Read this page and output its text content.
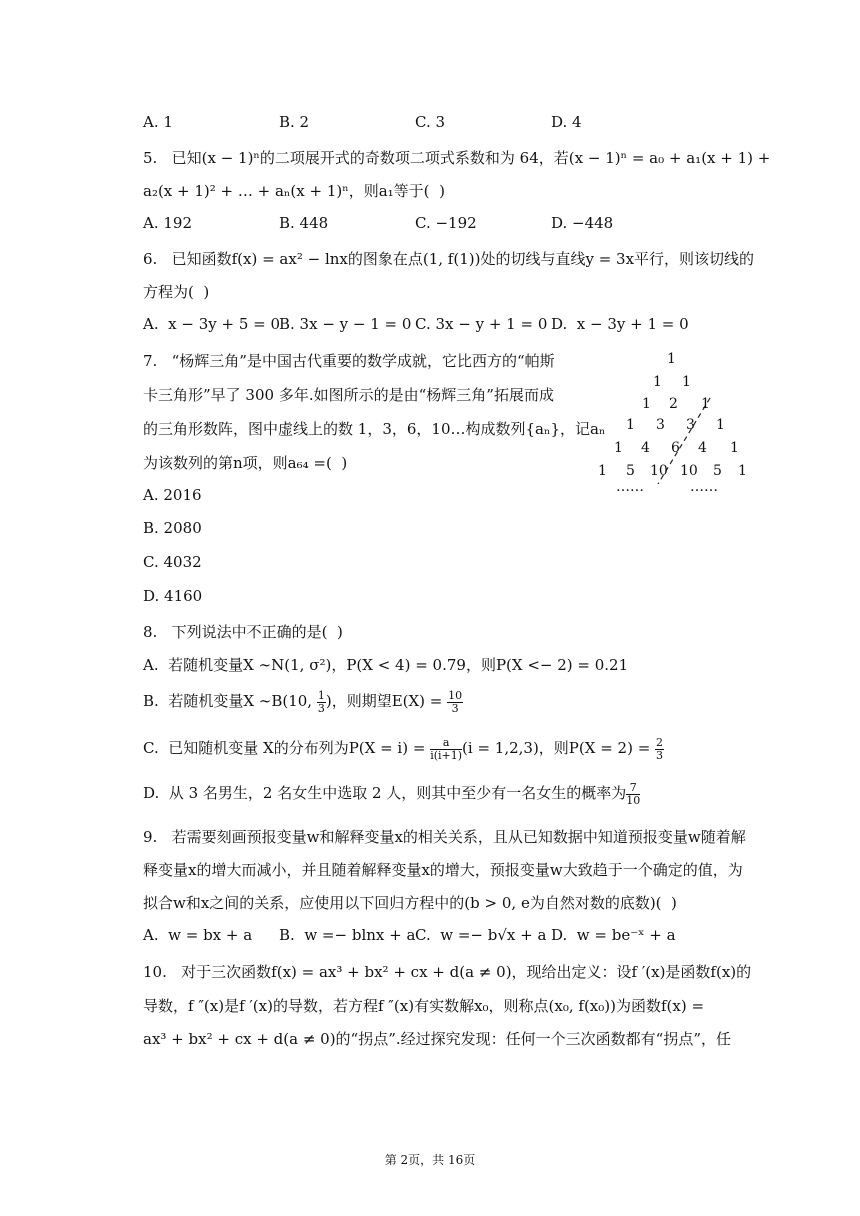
A. 1	B. 2	C. 3	D. 4
5.   已知(x − 1)ⁿ的二项展开式的奇数项二项式系数和为 64，若(x − 1)ⁿ = a₀ + a₁(x + 1) +
a₂(x + 1)² + … + aₙ(x + 1)ⁿ，则a₁等于(  )
A. 192	B. 448	C. −192	D. −448
6.   已知函数f(x) = ax² − lnx的图象在点(1, f(1))处的切线与直线y = 3x平行，则该切线的
方程为(  )
A.  x − 3y + 5 = 0
B. 3x − y − 1 = 0 C. 3x − y + 1 = 0 D.  x − 3y + 1 = 0
7.   “杨辉三角”是中国古代重要的数学成就，它比西方的“帕斯
卡三角形”早了 300 多年.如图所示的是由“杨辉三角”拓展而成
的三角形数阵，图中虚线上的数 1，3，6，10…构成数列{aₙ}，记aₙ
为该数列的第n项，则a₆₄ =(  )
A. 2016
B. 2080
C. 4032
D. 4160
1
1 1
1 2 1
1 3 3 1
1 4 6 4 1
1 5 10 10 5 1
……	……
8.   下列说法中不正确的是(  )
A.  若随机变量X ∼N(1, σ²)，P(X < 4) = 0.79，则P(X <− 2) = 0.21
B.  若随机变量X ∼B(10, $\frac{1}{3}$ )，则期望$E(X) = \frac{10}{3}$
C.  已知随机变量 X的分布列为$P(X = i) = \frac{a}{i(i+1)} (i = 1,2,3)$，则$P(X = 2) = \frac{2}{3}$
D.  从 3 名男生，2 名女生中选取 2 人，则其中至少有一名女生的概率为 $\frac{7}{10}$
9.   若需要刻画预报变量w和解释变量x的相关关系，且从已知数据中知道预报变量w随着解
释变量x的增大而减小，并且随着解释变量x的增大，预报变量w大致趋于一个确定的值，为
拟合w和x之间的关系，应使用以下回归方程中的(b > 0, e为自然对数的底数)(  )
A.  w = bx + a B.  w =− blnx + a C.  w =− b√x + a D.  w = be⁻ˣ + a
10.   对于三次函数f(x) = ax³ + bx² + cx + d(a ≠ 0)，现给出定义：设f ′(x)是函数f(x)的
导数，f ″(x)是f ′(x)的导数，若方程f ″(x)有实数解x₀，则称点(x₀, f(x₀))为函数f(x) =
ax³ + bx² + cx + d(a ≠ 0)的“拐点”.经过探究发现：任何一个三次函数都有“拐点”，任
第 2页，共 16页
